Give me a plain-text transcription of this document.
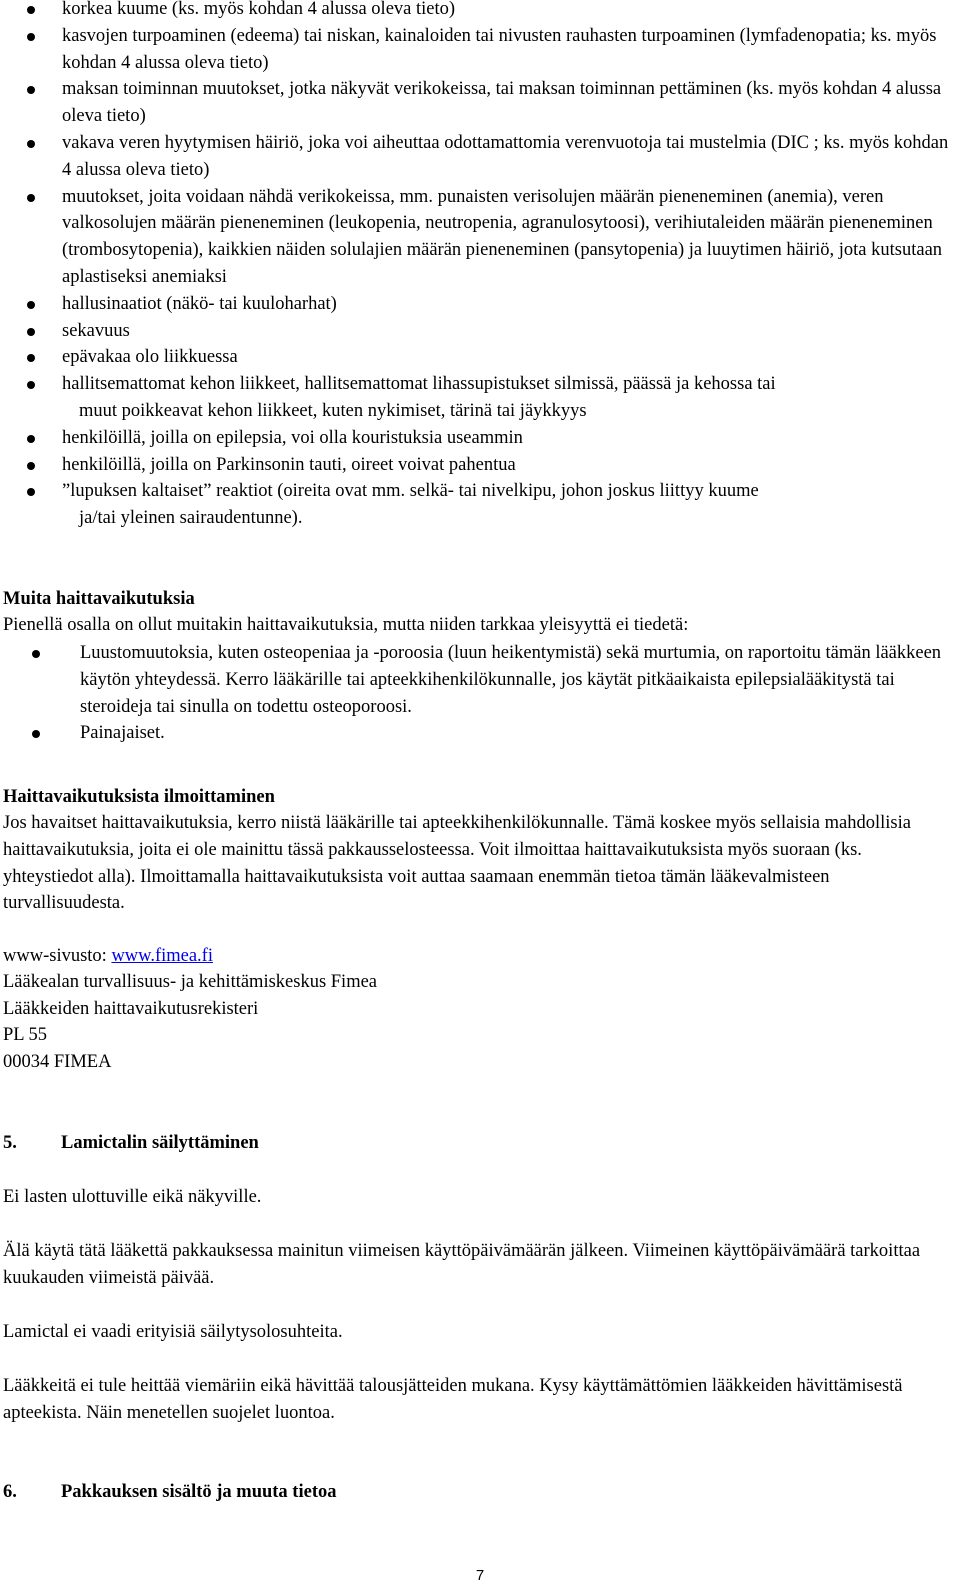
korkea kuume (ks. myös kohdan 4 alussa oleva tieto)
kasvojen turpoaminen (edeema) tai niskan, kainaloiden tai nivusten rauhasten turpoaminen (lymfadenopatia; ks. myös kohdan 4 alussa oleva tieto)
maksan toiminnan muutokset, jotka näkyvät verikokeissa, tai maksan toiminnan pettäminen (ks. myös kohdan 4 alussa oleva tieto)
vakava veren hyytymisen häiriö, joka voi aiheuttaa odottamattomia verenvuotoja tai mustelmia (DIC ; ks. myös kohdan 4 alussa oleva tieto)
muutokset, joita voidaan nähdä verikokeissa, mm. punaisten verisolujen määrän pieneneminen (anemia), veren valkosolujen määrän pieneneminen (leukopenia, neutropenia, agranulosytoosi), verihiutaleiden määrän pieneneminen (trombosytopenia), kaikkien näiden solulajien määrän pieneneminen (pansytopenia) ja luuytimen häiriö, jota kutsutaan aplastiseksi anemiaksi
hallusinaatiot (näkö- tai kuuloharhat)
sekavuus
epävakaa olo liikkuessa
hallitsemattomat kehon liikkeet, hallitsemattomat lihassupistukset silmissä, päässä ja kehossa tai
muut poikkeavat kehon liikkeet, kuten nykimiset, tärinä tai jäykkyys
henkilöillä, joilla on epilepsia, voi olla kouristuksia useammin
henkilöillä, joilla on Parkinsonin tauti, oireet voivat pahentua
”lupuksen kaltaiset” reaktiot (oireita ovat mm. selkä- tai nivelkipu, johon joskus liittyy kuume
ja/tai yleinen sairaudentunne).
Muita haittavaikutuksia
Pienellä osalla on ollut muitakin haittavaikutuksia, mutta niiden tarkkaa yleisyyttä ei tiedetä:
Luustomuutoksia, kuten osteopeniaa ja -poroosia (luun heikentymistä) sekä murtumia, on raportoitu tämän lääkkeen käytön yhteydessä. Kerro lääkärille tai apteekkihenkilökunnalle, jos käytät pitkäaikaista epilepsialääkitystä tai steroideja tai sinulla on todettu osteoporoosi.
Painajaiset.
Haittavaikutuksista ilmoittaminen
Jos havaitset haittavaikutuksia, kerro niistä lääkärille tai apteekkihenkilökunnalle. Tämä koskee myös sellaisia mahdollisia haittavaikutuksia, joita ei ole mainittu tässä pakkausselosteessa. Voit ilmoittaa haittavaikutuksista myös suoraan (ks. yhteystiedot alla). Ilmoittamalla haittavaikutuksista voit auttaa saamaan enemmän tietoa tämän lääkevalmisteen turvallisuudesta.
www-sivusto: www.fimea.fi
Lääkealan turvallisuus- ja kehittämiskeskus Fimea
Lääkkeiden haittavaikutusrekisteri
PL 55
00034 FIMEA
5. Lamictalin säilyttäminen
Ei lasten ulottuville eikä näkyville.
Älä käytä tätä lääkettä pakkauksessa mainitun viimeisen käyttöpäivämäärän jälkeen. Viimeinen käyttöpäivämäärä tarkoittaa kuukauden viimeistä päivää.
Lamictal ei vaadi erityisiä säilytysolosuhteita.
Lääkkeitä ei tule heittää viemäriin eikä hävittää talousjätteiden mukana. Kysy käyttämättömien lääkkeiden hävittämisestä apteekista. Näin menetellen suojelet luontoa.
6. Pakkauksen sisältö ja muuta tietoa
7
